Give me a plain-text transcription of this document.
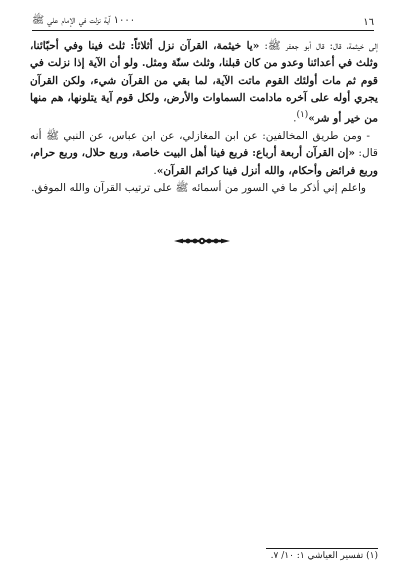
١٦
١٠٠٠ آية نزلت في الإمام علي ﷺ

إلى خيثمة، قال: قال أبو جعفر ﷺ: «يا خيثمة، القرآن نزل أثلاثاً: ثلث فينا وفي أحبّائنا، وثلث في أعدائنا وعدو من كان قبلنا، وثلث سنّة ومثل. ولو أن الآية إذا نزلت في قوم ثم مات أولئك القوم ماتت الآية، لما بقي من القرآن شيء، ولكن القرآن يجري أوله على آخره مادامت السماوات والأرض، ولكل قوم آية يتلونها، هم منها من خير أو شر»$^{(١)}$.

- ومن طريق المخالفين: عن ابن المغازلي، عن ابن عباس، عن النبي ﷺ أنه قال: «إن القرآن أربعة أرباع: فربع فينا أهل البيت خاصة، وربع حلال، وربع حرام، وربع فرائض وأحكام، والله أنزل فينا كرائم القرآن».

واعلم إني أذكر ما في السور من أسمائه ﷺ على ترتيب القرآن والله الموفق.

(١) تفسير العياشي ١: ١٠/ ٧.
